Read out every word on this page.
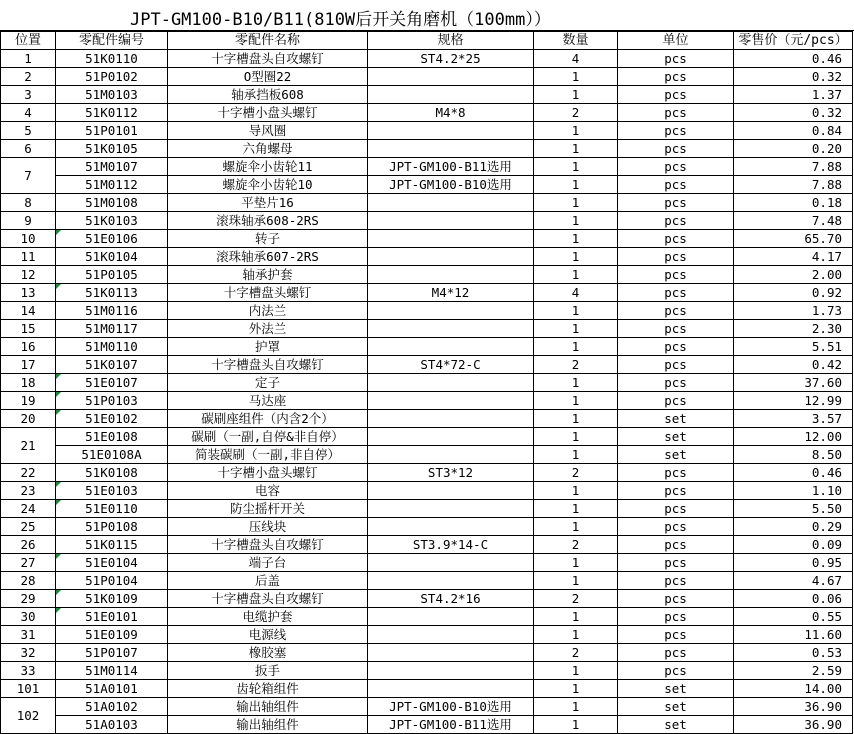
JPT-GM100-B10/B11(810W后开关角磨机（100mm））
位置	零配件编号	零配件名称	规格	数量	单位	零售价（元/pcs）
1	51K0110	十字槽盘头自攻螺钉	ST4.2*25	4	pcs	0.46
2	51P0102	O型圈22		1	pcs	0.32
3	51M0103	轴承挡板608		1	pcs	1.37
4	51K0112	十字槽小盘头螺钉	M4*8	2	pcs	0.32
5	51P0101	导风圈		1	pcs	0.84
6	51K0105	六角螺母		1	pcs	0.20
7	51M0107	螺旋伞小齿轮11	JPT-GM100-B11选用	1	pcs	7.88
	51M0112	螺旋伞小齿轮10	JPT-GM100-B10选用	1	pcs	7.88
8	51M0108	平垫片16		1	pcs	0.18
9	51K0103	滚珠轴承608-2RS		1	pcs	7.48
10	51E0106	转子		1	pcs	65.70
11	51K0104	滚珠轴承607-2RS		1	pcs	4.17
12	51P0105	轴承护套		1	pcs	2.00
13	51K0113	十字槽盘头螺钉	M4*12	4	pcs	0.92
14	51M0116	内法兰		1	pcs	1.73
15	51M0117	外法兰		1	pcs	2.30
16	51M0110	护罩		1	pcs	5.51
17	51K0107	十字槽盘头自攻螺钉	ST4*72-C	2	pcs	0.42
18	51E0107	定子		1	pcs	37.60
19	51P0103	马达座		1	pcs	12.99
20	51E0102	碳刷座组件（内含2个）		1	set	3.57
21	51E0108	碳刷（一副,自停&非自停）		1	set	12.00
	51E0108A	简装碳刷（一副,非自停）		1	set	8.50
22	51K0108	十字槽小盘头螺钉	ST3*12	2	pcs	0.46
23	51E0103	电容		1	pcs	1.10
24	51E0110	防尘摇杆开关		1	pcs	5.50
25	51P0108	压线块		1	pcs	0.29
26	51K0115	十字槽盘头自攻螺钉	ST3.9*14-C	2	pcs	0.09
27	51E0104	端子台		1	pcs	0.95
28	51P0104	后盖		1	pcs	4.67
29	51K0109	十字槽盘头自攻螺钉	ST4.2*16	2	pcs	0.06
30	51E0101	电缆护套		1	pcs	0.55
31	51E0109	电源线		1	pcs	11.60
32	51P0107	橡胶塞		2	pcs	0.53
33	51M0114	扳手		1	pcs	2.59
101	51A0101	齿轮箱组件		1	set	14.00
102	51A0102	输出轴组件	JPT-GM100-B10选用	1	set	36.90
	51A0103	输出轴组件	JPT-GM100-B11选用	1	set	36.90
